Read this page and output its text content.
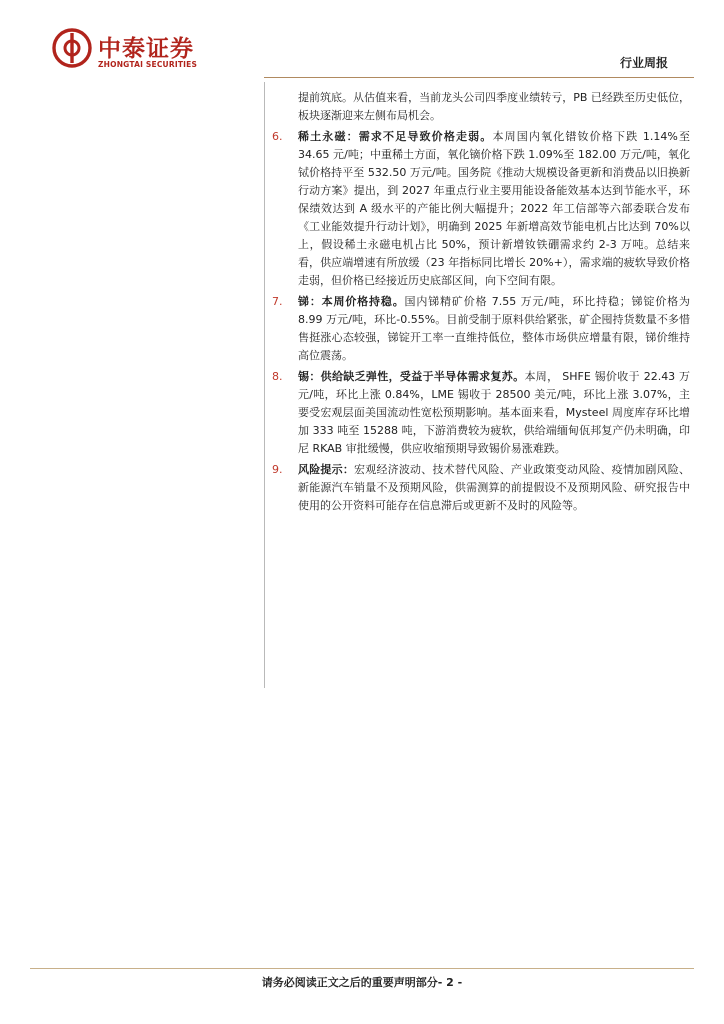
中泰证券
ZHONGTAI SECURITIES	行业周报

提前筑底。从估值来看，当前龙头公司四季度业绩转亏，PB 已经跌至历史低位，板块逐渐迎来左侧布局机会。

6. 稀土永磁：需求不足导致价格走弱。本周国内氧化镨钕价格下跌 1.14%至 34.65 元/吨；中重稀土方面，氧化镝价格下跌 1.09%至 182.00 万元/吨，氧化铽价格持平至 532.50 万元/吨。国务院《推动大规模设备更新和消费品以旧换新行动方案》提出，到 2027 年重点行业主要用能设备能效基本达到节能水平，环保绩效达到 A 级水平的产能比例大幅提升；2022 年工信部等六部委联合发布《工业能效提升行动计划》，明确到 2025 年新增高效节能电机占比达到 70%以上，假设稀土永磁电机占比 50%，预计新增钕铁硼需求约 2-3 万吨。总结来看，供应端增速有所放缓（23 年指标同比增长 20%+），需求端的疲软导致价格走弱，但价格已经接近历史底部区间，向下空间有限。
7. 锑：本周价格持稳。国内锑精矿价格 7.55 万元/吨，环比持稳；锑锭价格为 8.99 万元/吨，环比-0.55%。目前受制于原料供给紧张，矿企囤持货数量不多惜售挺涨心态较强，锑锭开工率一直维持低位，整体市场供应增量有限，锑价维持高位震荡。
8. 锡：供给缺乏弹性，受益于半导体需求复苏。本周， SHFE 锡价收于 22.43 万元/吨，环比上涨 0.84%，LME 锡收于 28500 美元/吨，环比上涨 3.07%，主要受宏观层面美国流动性宽松预期影响。基本面来看，Mysteel 周度库存环比增加 333 吨至 15288 吨，下游消费较为疲软，供给端缅甸佤邦复产仍未明确，印尼 RKAB 审批缓慢，供应收缩预期导致锡价易涨难跌。
9. 风险提示：宏观经济波动、技术替代风险、产业政策变动风险、疫情加剧风险、新能源汽车销量不及预期风险，供需测算的前提假设不及预期风险、研究报告中使用的公开资料可能存在信息滞后或更新不及时的风险等。
请务必阅读正文之后的重要声明部分- 2 -
